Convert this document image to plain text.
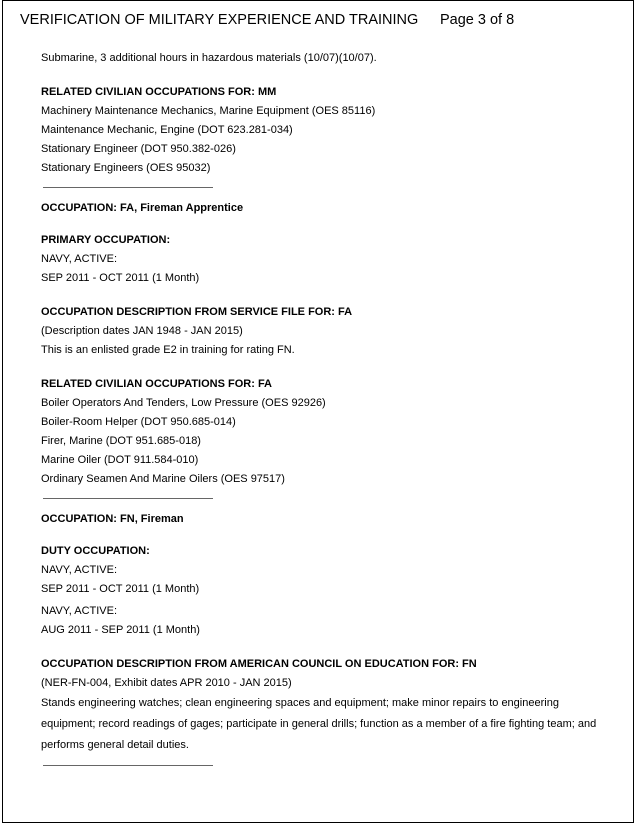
VERIFICATION OF MILITARY EXPERIENCE AND TRAINING Page 3 of 8

Submarine, 3 additional hours in hazardous materials (10/07)(10/07).

RELATED CIVILIAN OCCUPATIONS FOR: MM

Machinery Maintenance Mechanics, Marine Equipment (OES 85116)

Maintenance Mechanic, Engine (DOT 623.281-034)

Stationary Engineer (DOT 950.382-026)

Stationary Engineers (OES 95032)

OCCUPATION: FA, Fireman Apprentice

PRIMARY OCCUPATION:

NAVY, ACTIVE:

SEP 2011 - OCT 2011 (1 Month)

OCCUPATION DESCRIPTION FROM SERVICE FILE FOR: FA

(Description dates JAN 1948 - JAN 2015)

This is an enlisted grade E2 in training for rating FN.

RELATED CIVILIAN OCCUPATIONS FOR: FA

Boiler Operators And Tenders, Low Pressure (OES 92926)

Boiler-Room Helper (DOT 950.685-014)

Firer, Marine (DOT 951.685-018)

Marine Oiler (DOT 911.584-010)

Ordinary Seamen And Marine Oilers (OES 97517)

OCCUPATION: FN, Fireman

DUTY OCCUPATION:

NAVY, ACTIVE:

SEP 2011 - OCT 2011 (1 Month)

NAVY, ACTIVE:

AUG 2011 - SEP 2011 (1 Month)

OCCUPATION DESCRIPTION FROM AMERICAN COUNCIL ON EDUCATION FOR: FN

(NER-FN-004, Exhibit dates APR 2010 - JAN 2015)

Stands engineering watches; clean engineering spaces and equipment; make minor repairs to engineering equipment; record readings of gages; participate in general drills; function as a member of a fire fighting team; and performs general detail duties.
